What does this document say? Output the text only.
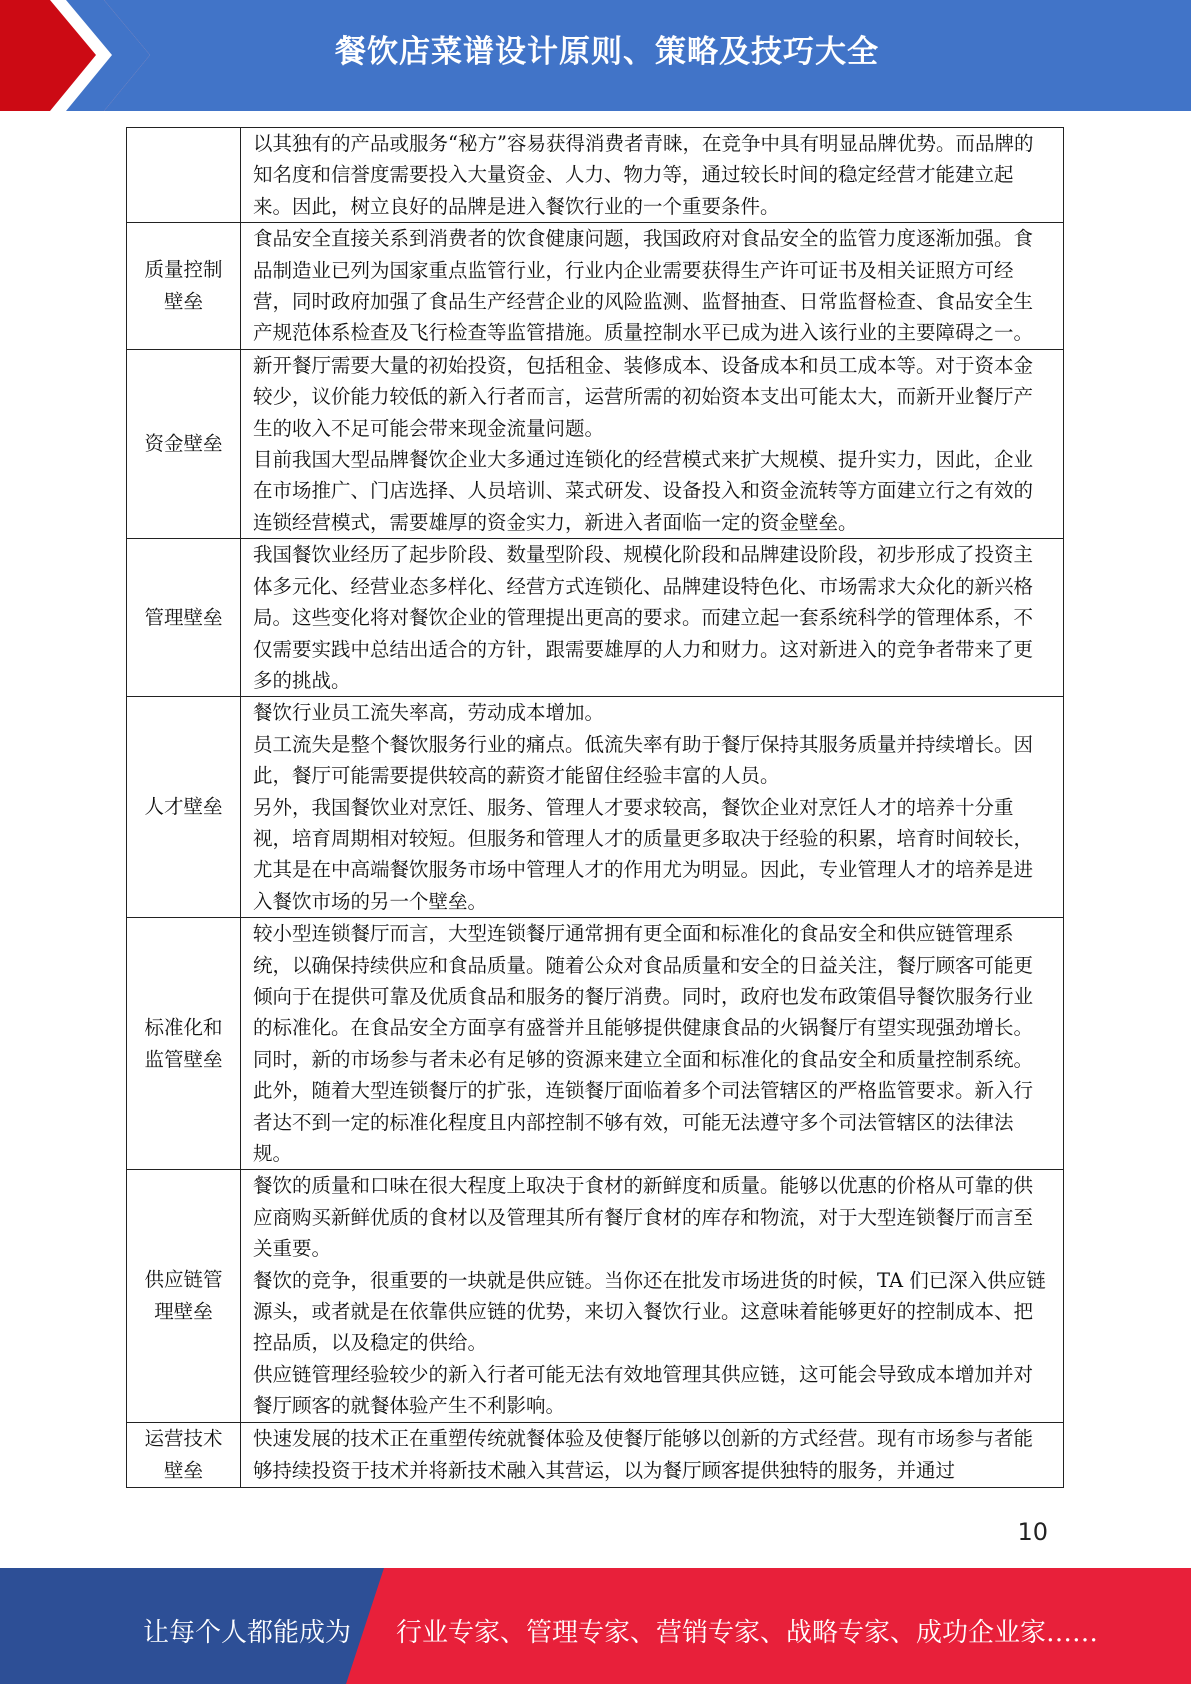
餐饮店菜谱设计原则、策略及技巧大全

	以其独有的产品或服务“秘方”容易获得消费者青睐，在竞争中具有明显品牌优势。而品牌的知名度和信誉度需要投入大量资金、人力、物力等，通过较长时间的稳定经营才能建立起来。因此，树立良好的品牌是进入餐饮行业的一个重要条件。

质量控制壁垒	食品安全直接关系到消费者的饮食健康问题，我国政府对食品安全的监管力度逐渐加强。食品制造业已列为国家重点监管行业，行业内企业需要获得生产许可证书及相关证照方可经营，同时政府加强了食品生产经营企业的风险监测、监督抽查、日常监督检查、食品安全生产规范体系检查及飞行检查等监管措施。质量控制水平已成为进入该行业的主要障碍之一。

资金壁垒	新开餐厅需要大量的初始投资，包括租金、装修成本、设备成本和员工成本等。对于资本金较少，议价能力较低的新入行者而言，运营所需的初始资本支出可能太大，而新开业餐厅产生的收入不足可能会带来现金流量问题。

目前我国大型品牌餐饮企业大多通过连锁化的经营模式来扩大规模、提升实力，因此，企业在市场推广、门店选择、人员培训、菜式研发、设备投入和资金流转等方面建立行之有效的连锁经营模式，需要雄厚的资金实力，新进入者面临一定的资金壁垒。

管理壁垒	我国餐饮业经历了起步阶段、数量型阶段、规模化阶段和品牌建设阶段，初步形成了投资主体多元化、经营业态多样化、经营方式连锁化、品牌建设特色化、市场需求大众化的新兴格局。这些变化将对餐饮企业的管理提出更高的要求。而建立起一套系统科学的管理体系，不仅需要实践中总结出适合的方针，跟需要雄厚的人力和财力。这对新进入的竞争者带来了更多的挑战。

人才壁垒	餐饮行业员工流失率高，劳动成本增加。

员工流失是整个餐饮服务行业的痛点。低流失率有助于餐厅保持其服务质量并持续增长。因此，餐厅可能需要提供较高的薪资才能留住经验丰富的人员。

另外，我国餐饮业对烹饪、服务、管理人才要求较高，餐饮企业对烹饪人才的培养十分重视，培育周期相对较短。但服务和管理人才的质量更多取决于经验的积累，培育时间较长，尤其是在中高端餐饮服务市场中管理人才的作用尤为明显。因此，专业管理人才的培养是进入餐饮市场的另一个壁垒。

标准化和监管壁垒	较小型连锁餐厅而言，大型连锁餐厅通常拥有更全面和标准化的食品安全和供应链管理系统，以确保持续供应和食品质量。随着公众对食品质量和安全的日益关注，餐厅顾客可能更倾向于在提供可靠及优质食品和服务的餐厅消费。同时，政府也发布政策倡导餐饮服务行业的标准化。在食品安全方面享有盛誉并且能够提供健康食品的火锅餐厅有望实现强劲增长。同时，新的市场参与者未必有足够的资源来建立全面和标准化的食品安全和质量控制系统。此外，随着大型连锁餐厅的扩张，连锁餐厅面临着多个司法管辖区的严格监管要求。新入行者达不到一定的标准化程度且内部控制不够有效，可能无法遵守多个司法管辖区的法律法规。

供应链管理壁垒	餐饮的质量和口味在很大程度上取决于食材的新鲜度和质量。能够以优惠的价格从可靠的供应商购买新鲜优质的食材以及管理其所有餐厅食材的库存和物流，对于大型连锁餐厅而言至关重要。

餐饮的竞争，很重要的一块就是供应链。当你还在批发市场进货的时候，TA 们已深入供应链源头，或者就是在依靠供应链的优势，来切入餐饮行业。这意味着能够更好的控制成本、把控品质，以及稳定的供给。

供应链管理经验较少的新入行者可能无法有效地管理其供应链，这可能会导致成本增加并对餐厅顾客的就餐体验产生不利影响。

运营技术壁垒	快速发展的技术正在重塑传统就餐体验及使餐厅能够以创新的方式经营。现有市场参与者能够持续投资于技术并将新技术融入其营运，以为餐厅顾客提供独特的服务，并通过

10
让每个人都能成为 行业专家、管理专家、营销专家、战略专家、成功企业家……
